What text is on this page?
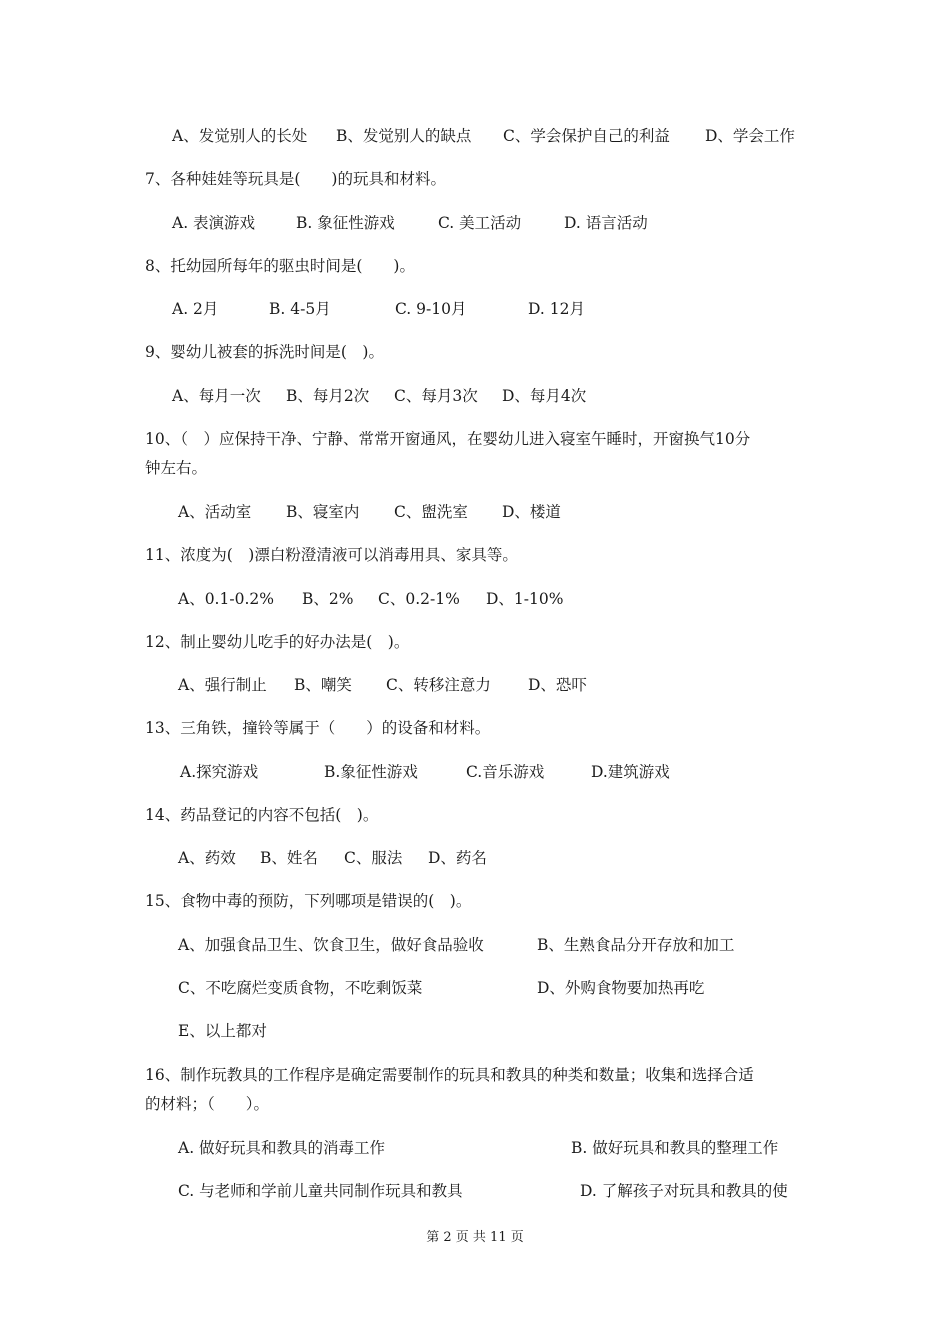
A、发觉别人的长处 B、发觉别人的缺点 C、学会保护自己的利益 D、学会工作
7、各种娃娃等玩具是(　　)的玩具和材料。
A. 表演游戏	B. 象征性游戏	C. 美工活动	D. 语言活动
8、托幼园所每年的驱虫时间是(　　)。
A. 2月	B. 4-5月	C. 9-10月	D. 12月
9、婴幼儿被套的拆洗时间是(　)。
A、每月一次 B、每月2次 C、每月3次 D、每月4次
10、（　）应保持干净、宁静、常常开窗通风，在婴幼儿进入寝室午睡时，开窗换气10分
钟左右。
A、活动室 B、寝室内 C、盥洗室 D、楼道
11、浓度为(　)漂白粉澄清液可以消毒用具、家具等。
A、0.1-0.2% B、2% C、0.2-1% D、1-10%
12、制止婴幼儿吃手的好办法是(　)。
A、强行制止 B、嘲笑 C、转移注意力 D、恐吓
13、三角铁，撞铃等属于（　　）的设备和材料。
A.探究游戏	B.象征性游戏	C.音乐游戏	D.建筑游戏
14、药品登记的内容不包括(　)。
A、药效 B、姓名 C、服法 D、药名
15、食物中毒的预防，下列哪项是错误的(　)。
A、加强食品卫生、饮食卫生，做好食品验收	B、生熟食品分开存放和加工
C、不吃腐烂变质食物，不吃剩饭菜	D、外购食物要加热再吃
E、以上都对
16、制作玩教具的工作程序是确定需要制作的玩具和教具的种类和数量；收集和选择合适
的材料；（　　）。
A. 做好玩具和教具的消毒工作	B. 做好玩具和教具的整理工作
C. 与老师和学前儿童共同制作玩具和教具	D. 了解孩子对玩具和教具的使
第 2 页 共 11 页
